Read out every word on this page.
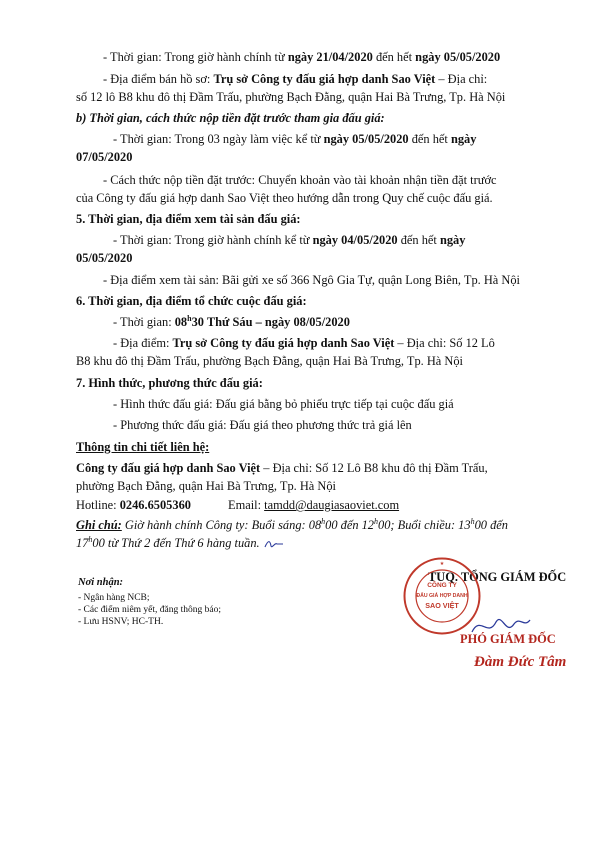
- Thời gian: Trong giờ hành chính từ ngày 21/04/2020 đến hết ngày 05/05/2020
- Địa điểm bán hồ sơ: Trụ sở Công ty đấu giá hợp danh Sao Việt – Địa chỉ:
số 12 lô B8 khu đô thị Đầm Trấu, phường Bạch Đằng, quận Hai Bà Trưng, Tp. Hà Nội
b) Thời gian, cách thức nộp tiền đặt trước tham gia đấu giá:
- Thời gian: Trong 03 ngày làm việc kể từ ngày 05/05/2020 đến hết ngày
07/05/2020
- Cách thức nộp tiền đặt trước: Chuyển khoản vào tài khoản nhận tiền đặt trước
của Công ty đấu giá hợp danh Sao Việt theo hướng dẫn trong Quy chế cuộc đấu giá.
5. Thời gian, địa điểm xem tài sản đấu giá:
- Thời gian: Trong giờ hành chính kể từ ngày 04/05/2020 đến hết ngày
05/05/2020
- Địa điểm xem tài sản: Bãi gửi xe số 366 Ngô Gia Tự, quận Long Biên, Tp. Hà Nội
6. Thời gian, địa điểm tổ chức cuộc đấu giá:
- Thời gian: 08$^h$30 Thứ Sáu – ngày 08/05/2020
- Địa điểm: Trụ sở Công ty đấu giá hợp danh Sao Việt – Địa chỉ: Số 12 Lô
B8 khu đô thị Đầm Trấu, phường Bạch Đằng, quận Hai Bà Trưng, Tp. Hà Nội
7. Hình thức, phương thức đấu giá:
- Hình thức đấu giá: Đấu giá bằng bỏ phiếu trực tiếp tại cuộc đấu giá
- Phương thức đấu giá: Đấu giá theo phương thức trả giá lên
Thông tin chi tiết liên hệ:
Công ty đấu giá hợp danh Sao Việt – Địa chỉ: Số 12 Lô B8 khu đô thị Đầm Trấu,
phường Bạch Đằng, quận Hai Bà Trưng, Tp. Hà Nội
Hotline: 0246.6505360	Email: tamdd@daugiasaoviet.com
Ghi chú: Giờ hành chính Công ty: Buổi sáng: 08$^h$00 đến 12$^h$00; Buổi chiều: 13$^h$00 đến
17$^h$00 từ Thứ 2 đến Thứ 6 hàng tuần.
Nơi nhận:
- Ngân hàng NCB;
- Các điểm niêm yết, đăng thông báo;
- Lưu HSNV; HC-TH.
TUQ. TỔNG GIÁM ĐỐC
CÔNG TY
ĐẤU GIÁ HỢP DANH
SAO VIỆT
★
PHÓ GIÁM ĐỐC
Đàm Đức Tâm
